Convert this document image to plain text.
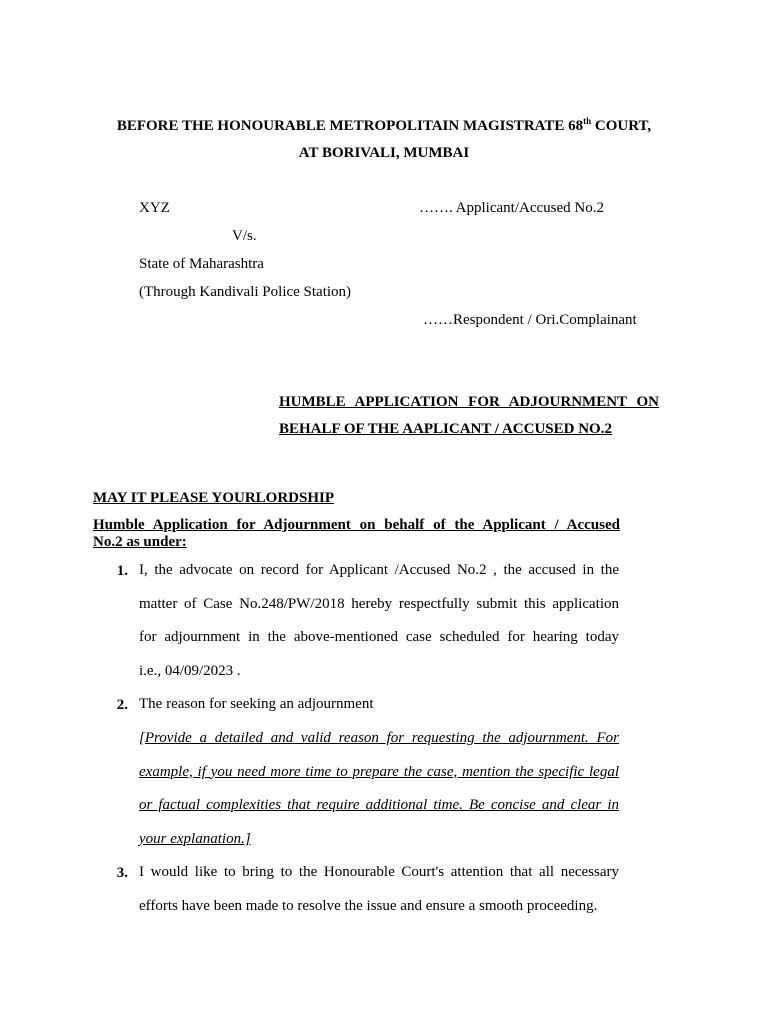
BEFORE THE HONOURABLE METROPOLITAIN MAGISTRATE 68th COURT,
AT BORIVALI, MUMBAI
XYZ	……. Applicant/Accused No.2
V/s.
State of Maharashtra
(Through Kandivali Police Station)
……Respondent / Ori.Complainant
HUMBLE APPLICATION FOR ADJOURNMENT ON
BEHALF OF THE AAPLICANT / ACCUSED NO.2
MAY IT PLEASE YOURLORDSHIP
Humble Application for Adjournment on behalf of the Applicant / Accused
No.2 as under:
1. I, the advocate on record for Applicant /Accused No.2 , the accused in the
matter of Case No.248/PW/2018 hereby respectfully submit this application
for adjournment in the above-mentioned case scheduled for hearing today
i.e., 04/09/2023 .
2. The reason for seeking an adjournment
[Provide a detailed and valid reason for requesting the adjournment. For
example, if you need more time to prepare the case, mention the specific legal
or factual complexities that require additional time. Be concise and clear in
your explanation.]
3. I would like to bring to the Honourable Court's attention that all necessary
efforts have been made to resolve the issue and ensure a smooth proceeding.
